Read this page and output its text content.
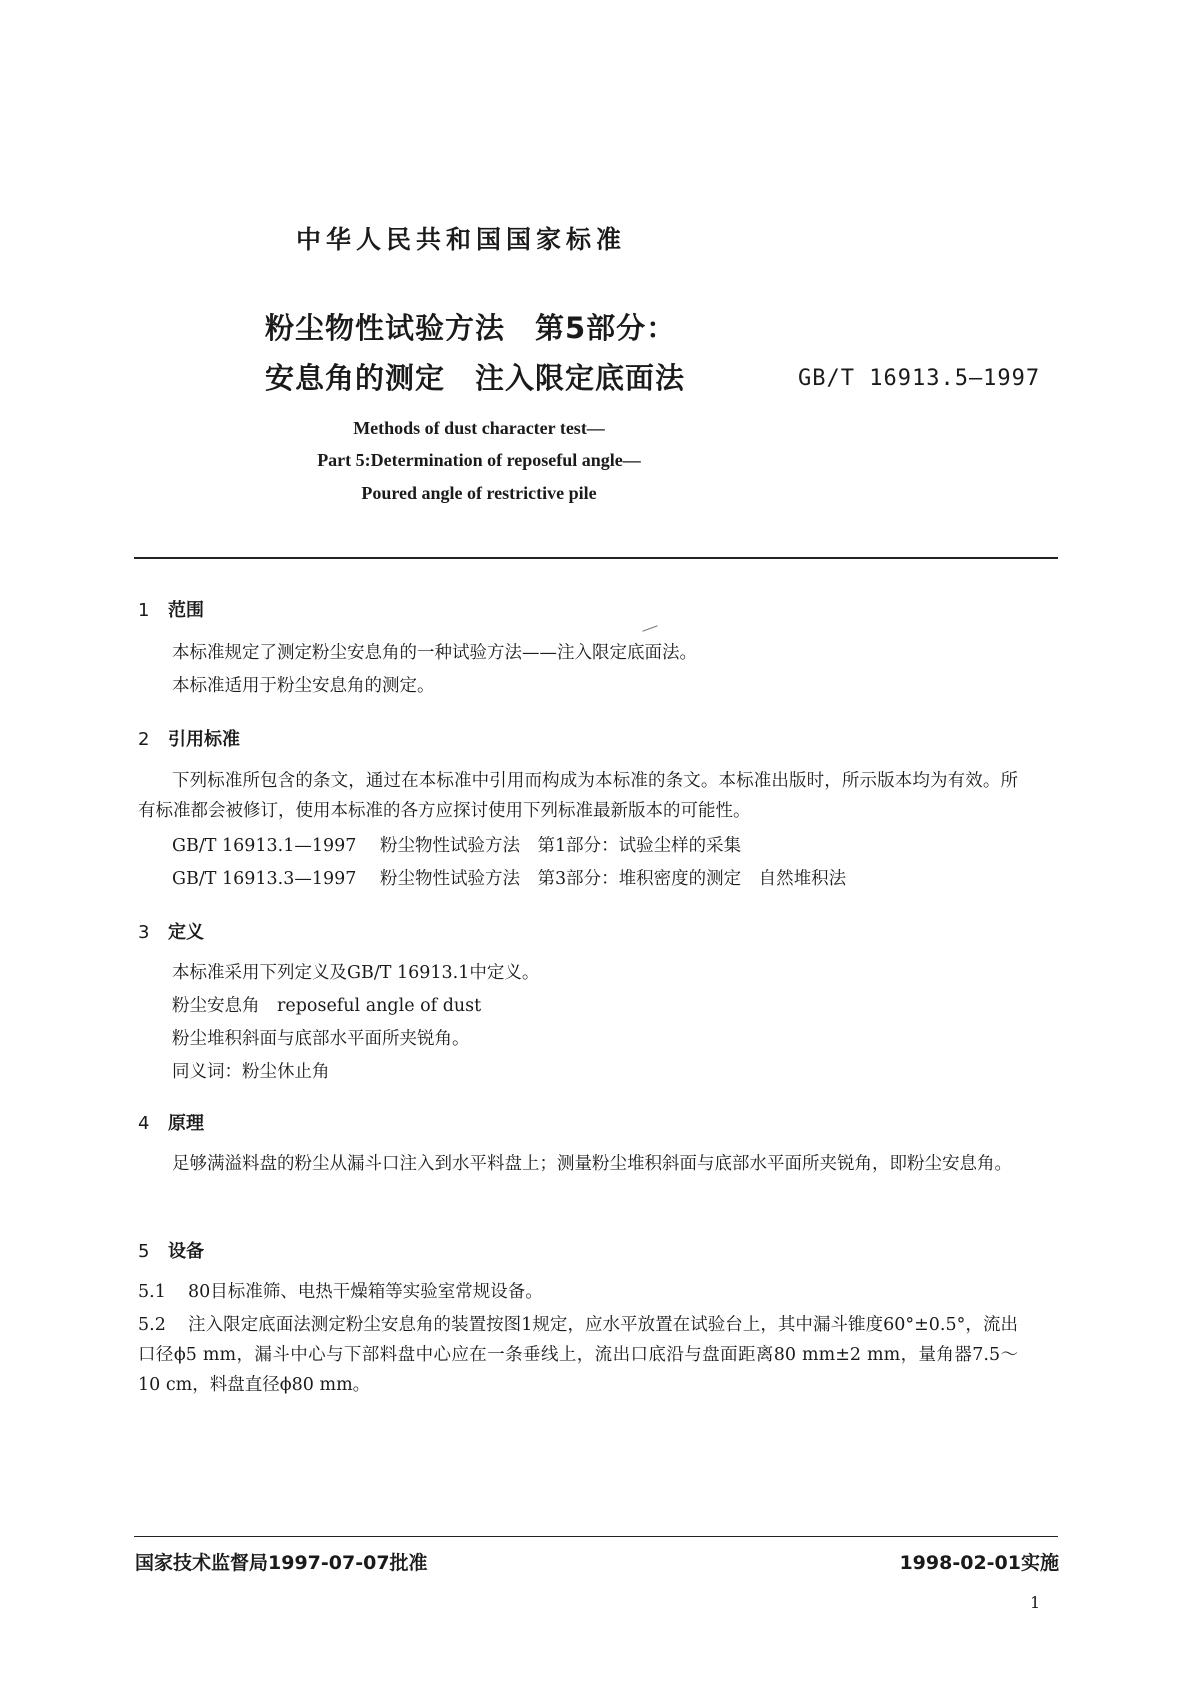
中华人民共和国国家标准
粉尘物性试验方法　第5部分：
安息角的测定　注入限定底面法	GB/T 16913.5—1997
Methods of dust character test—
Part 5:Determination of reposeful angle—
Poured angle of restrictive pile
1 范围
本标准规定了测定粉尘安息角的一种试验方法——注入限定底面法。
本标准适用于粉尘安息角的测定。
2 引用标准
下列标准所包含的条文，通过在本标准中引用而构成为本标准的条文。本标准出版时，所示版本均为有效。所有标准都会被修订，使用本标准的各方应探讨使用下列标准最新版本的可能性。
GB/T 16913.1—1997 粉尘物性试验方法　第1部分：试验尘样的采集
GB/T 16913.3—1997 粉尘物性试验方法　第3部分：堆积密度的测定　自然堆积法
3 定义
本标准采用下列定义及GB/T 16913.1中定义。
粉尘安息角　reposeful angle of dust
粉尘堆积斜面与底部水平面所夹锐角。
同义词：粉尘休止角
4 原理
足够满溢料盘的粉尘从漏斗口注入到水平料盘上；测量粉尘堆积斜面与底部水平面所夹锐角，即粉尘安息角。
5 设备
5.1 80目标准筛、电热干燥箱等实验室常规设备。
5.2 注入限定底面法测定粉尘安息角的装置按图1规定，应水平放置在试验台上，其中漏斗锥度60°±0.5°，流出口径ϕ5 mm，漏斗中心与下部料盘中心应在一条垂线上，流出口底沿与盘面距离80 mm±2 mm，量角器7.5～10 cm，料盘直径ϕ80 mm。
国家技术监督局1997-07-07批准	1998-02-01实施
1
